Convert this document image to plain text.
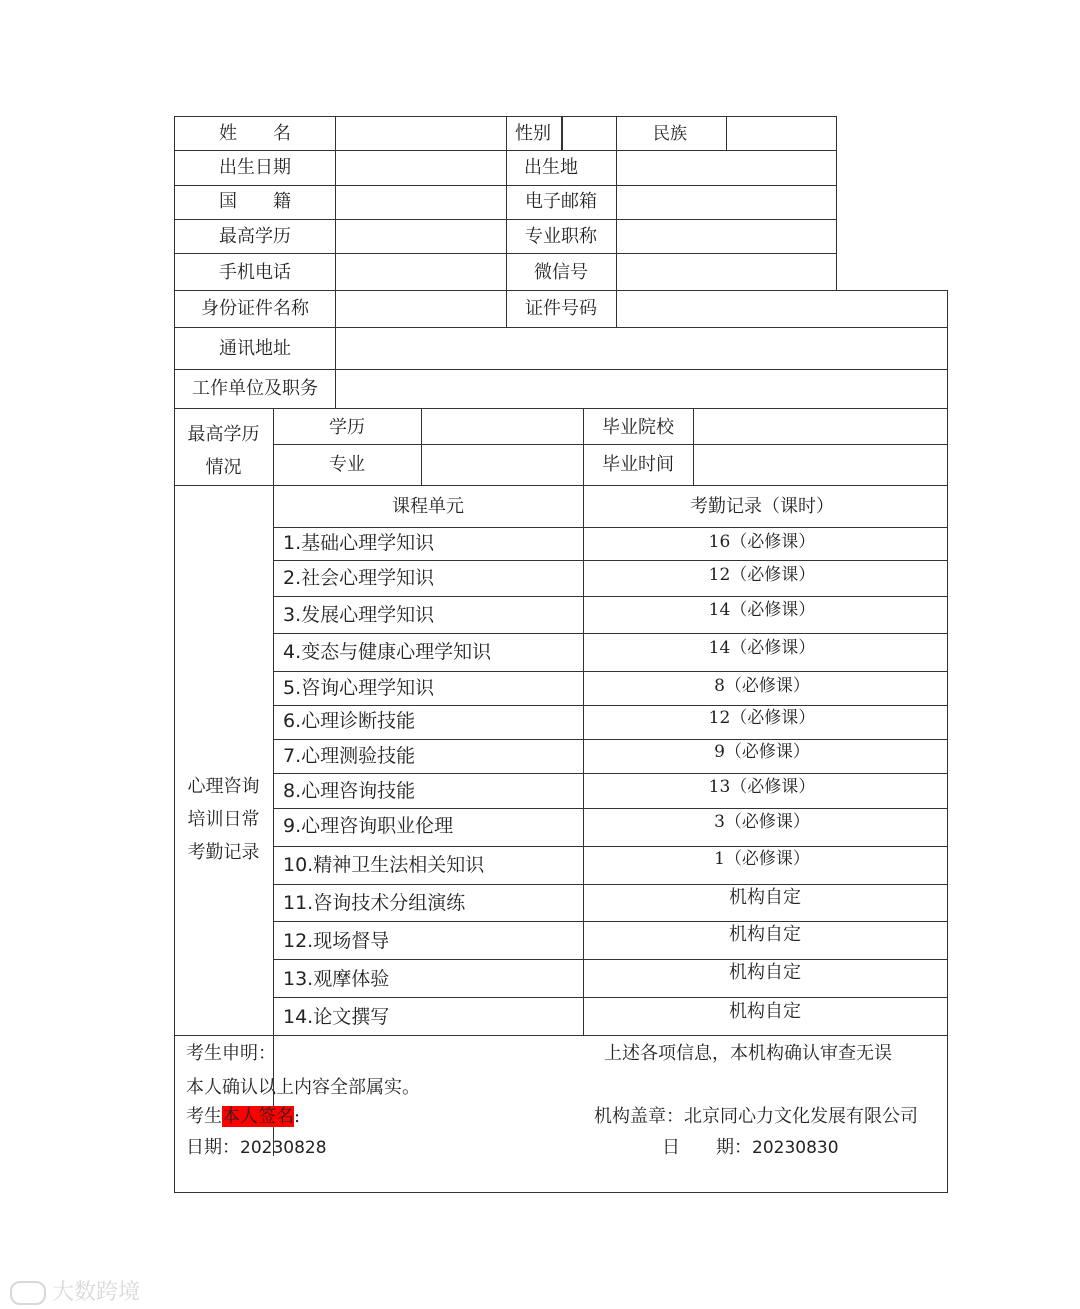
姓　　名	性别	民族
出生日期	出生地
国　　籍	电子邮箱
最高学历	专业职称
手机电话	微信号
身份证件名称	证件号码
通讯地址
工作单位及职务
最高学历
情况
学历	毕业院校
专业	毕业时间
心理咨询
培训日常
考勤记录
课程单元	考勤记录（课时）
1.基础心理学知识	16（必修课）
2.社会心理学知识	12（必修课）
3.发展心理学知识	14（必修课）
4.变态与健康心理学知识	14（必修课）
5.咨询心理学知识	8（必修课）
6.心理诊断技能	12（必修课）
7.心理测验技能	9（必修课）
8.心理咨询技能	13（必修课）
9.心理咨询职业伦理	3（必修课）
10.精神卫生法相关知识	1（必修课）
11.咨询技术分组演练	机构自定
12.现场督导	机构自定
13.观摩体验	机构自定
14.论文撰写	机构自定
考生申明：
本人确认以上内容全部属实。
考生本人签名:
日期：20230828
上述各项信息，本机构确认审查无误
机构盖章：北京同心力文化发展有限公司
日　　期：20230830
大数跨境
